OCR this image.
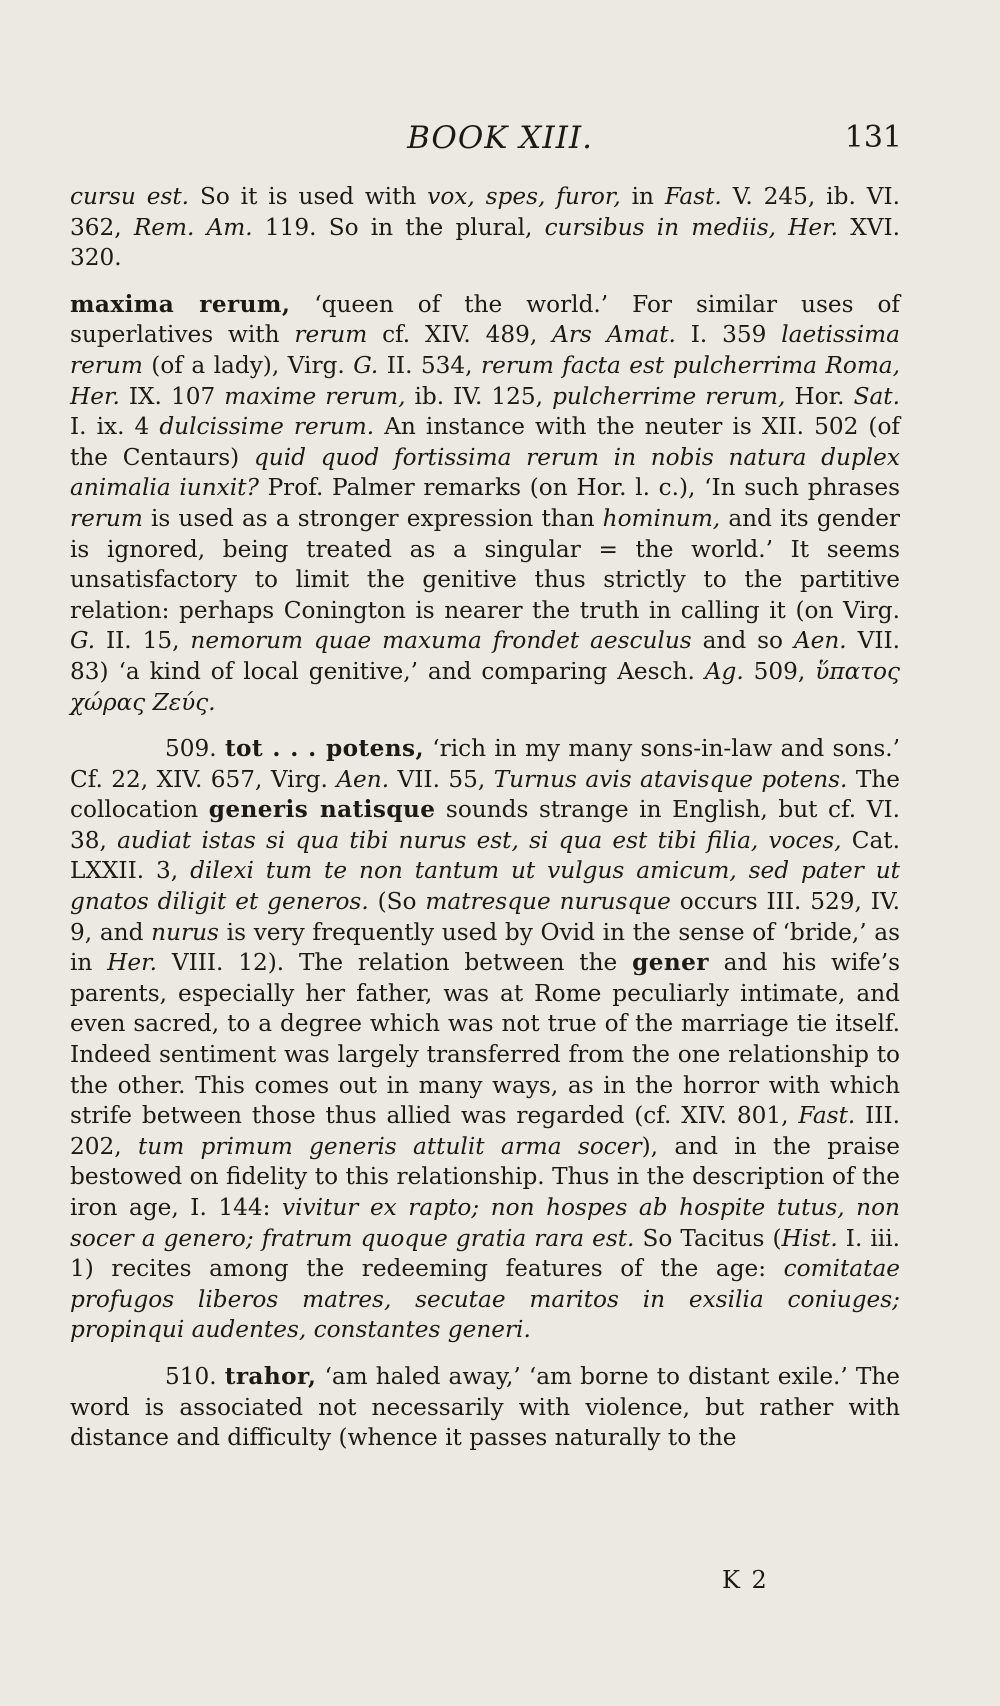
BOOK XIII.	131

cursu est. So it is used with vox, spes, furor, in Fast. V. 245, ib. VI. 362, Rem. Am. 119. So in the plural, cursibus in mediis, Her. XVI. 320.

maxima rerum, ‘queen of the world.’ For similar uses of superlatives with rerum cf. XIV. 489, Ars Amat. I. 359 laetissima rerum (of a lady), Virg. G. II. 534, rerum facta est pulcherrima Roma, Her. IX. 107 maxime rerum, ib. IV. 125, pulcherrime rerum, Hor. Sat. I. ix. 4 dulcissime rerum. An instance with the neuter is XII. 502 (of the Centaurs) quid quod fortissima rerum in nobis natura duplex animalia iunxit? Prof. Palmer remarks (on Hor. l. c.), ‘In such phrases rerum is used as a stronger expression than hominum, and its gender is ignored, being treated as a singular = the world.’ It seems unsatisfactory to limit the genitive thus strictly to the partitive relation: perhaps Conington is nearer the truth in calling it (on Virg. G. II. 15, nemorum quae maxuma frondet aesculus and so Aen. VII. 83) ‘a kind of local genitive,’ and comparing Aesch. Ag. 509, ὕπατος χώρας Ζεύς.

509. tot . . . potens, ‘rich in my many sons-in-law and sons.’ Cf. 22, XIV. 657, Virg. Aen. VII. 55, Turnus avis atavisque potens. The collocation generis natisque sounds strange in English, but cf. VI. 38, audiat istas si qua tibi nurus est, si qua est tibi filia, voces, Cat. LXXII. 3, dilexi tum te non tantum ut vulgus amicum, sed pater ut gnatos diligit et generos. (So matresque nurusque occurs III. 529, IV. 9, and nurus is very frequently used by Ovid in the sense of ‘bride,’ as in Her. VIII. 12). The relation between the gener and his wife’s parents, especially her father, was at Rome peculiarly intimate, and even sacred, to a degree which was not true of the marriage tie itself. Indeed sentiment was largely transferred from the one relationship to the other. This comes out in many ways, as in the horror with which strife between those thus allied was regarded (cf. XIV. 801, Fast. III. 202, tum primum generis attulit arma socer), and in the praise bestowed on fidelity to this relationship. Thus in the description of the iron age, I. 144: vivitur ex rapto; non hospes ab hospite tutus, non socer a genero; fratrum quoque gratia rara est. So Tacitus (Hist. I. iii. 1) recites among the redeeming features of the age: comitatae profugos liberos matres, secutae maritos in exsilia coniuges; propinqui audentes, constantes generi.

510. trahor, ‘am haled away,’ ‘am borne to distant exile.’ The word is associated not necessarily with violence, but rather with distance and difficulty (whence it passes naturally to the

K 2
